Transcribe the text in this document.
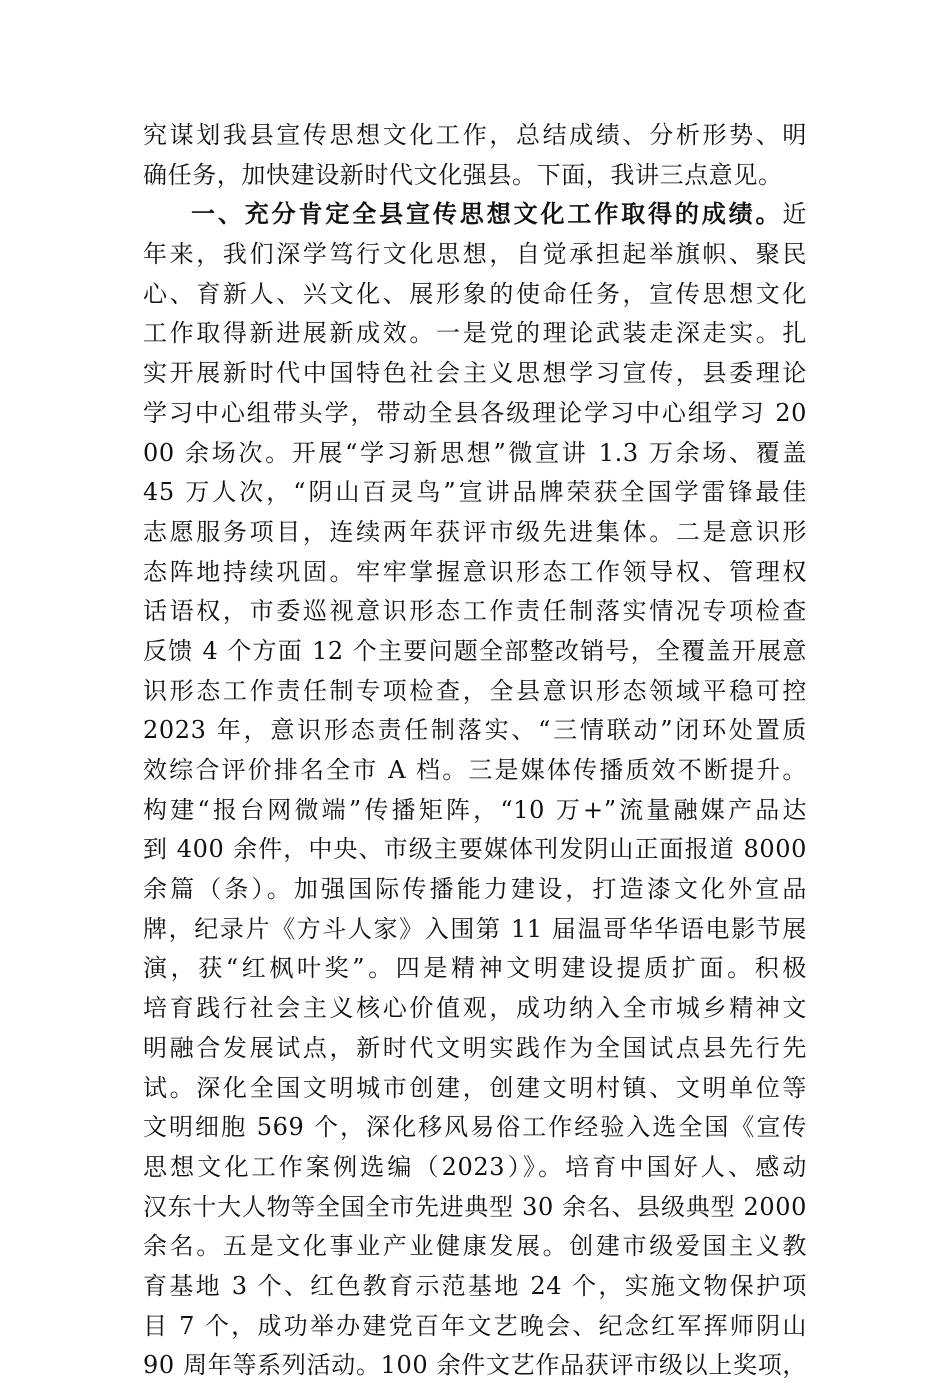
究谋划我县宣传思想文化工作，总结成绩、分析形势、明
确任务，加快建设新时代文化强县。下面，我讲三点意见。
一、充分肯定全县宣传思想文化工作取得的成绩。近
年来，我们深学笃行文化思想，自觉承担起举旗帜、聚民
心、育新人、兴文化、展形象的使命任务，宣传思想文化
工作取得新进展新成效。一是党的理论武装走深走实。扎
实开展新时代中国特色社会主义思想学习宣传，县委理论
学习中心组带头学，带动全县各级理论学习中心组学习 20
00 余场次。开展“学习新思想”微宣讲 1.3 万余场、覆盖
45 万人次，“阴山百灵鸟”宣讲品牌荣获全国学雷锋最佳
志愿服务项目，连续两年获评市级先进集体。二是意识形
态阵地持续巩固。牢牢掌握意识形态工作领导权、管理权
话语权，市委巡视意识形态工作责任制落实情况专项检查
反馈 4 个方面 12 个主要问题全部整改销号，全覆盖开展意
识形态工作责任制专项检查，全县意识形态领域平稳可控
2023 年，意识形态责任制落实、“三情联动”闭环处置质
效综合评价排名全市 A 档。三是媒体传播质效不断提升。
构建“报台网微端”传播矩阵，“10 万+”流量融媒产品达
到 400 余件，中央、市级主要媒体刊发阴山正面报道 8000
余篇（条）。加强国际传播能力建设，打造漆文化外宣品
牌，纪录片《方斗人家》入围第 11 届温哥华华语电影节展
演，获“红枫叶奖”。四是精神文明建设提质扩面。积极
培育践行社会主义核心价值观，成功纳入全市城乡精神文
明融合发展试点，新时代文明实践作为全国试点县先行先
试。深化全国文明城市创建，创建文明村镇、文明单位等
文明细胞 569 个，深化移风易俗工作经验入选全国《宣传
思想文化工作案例选编（2023）》。培育中国好人、感动
汉东十大人物等全国全市先进典型 30 余名、县级典型 2000
余名。五是文化事业产业健康发展。创建市级爱国主义教
育基地 3 个、红色教育示范基地 24 个，实施文物保护项
目 7 个，成功举办建党百年文艺晚会、纪念红军挥师阴山
90 周年等系列活动。100 余件文艺作品获评市级以上奖项，
